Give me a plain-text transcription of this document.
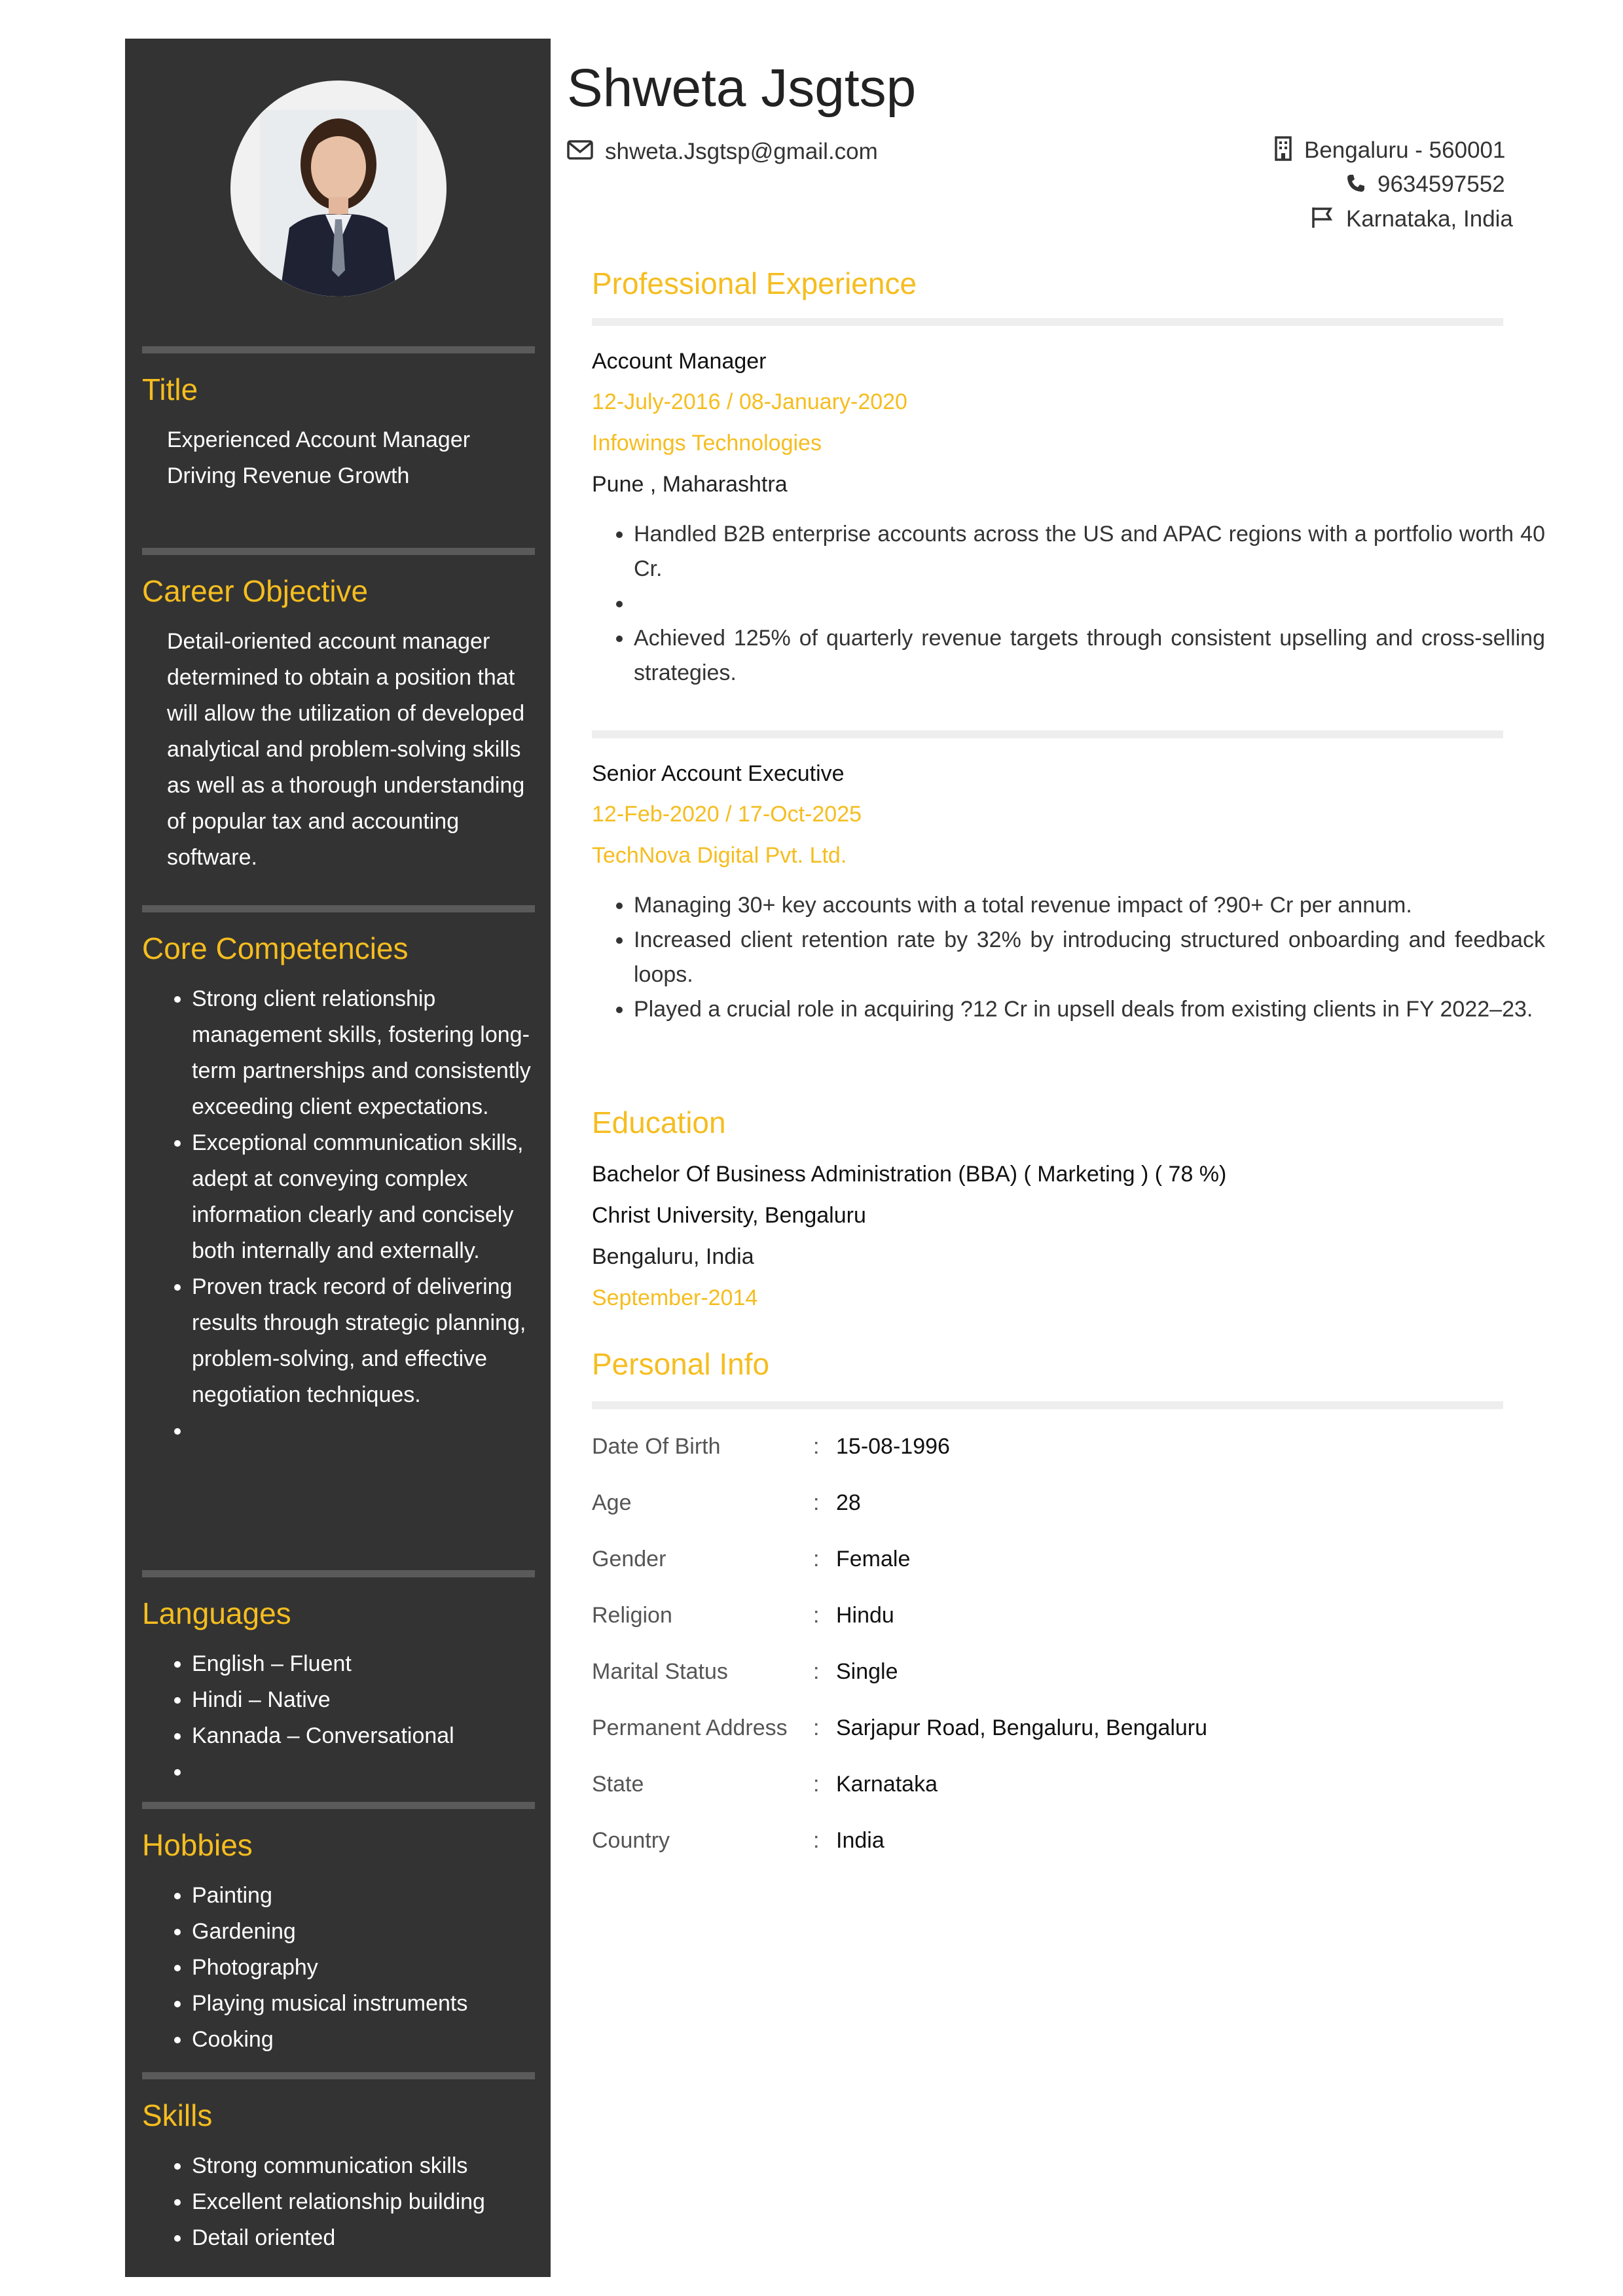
Title
Experienced Account Manager Driving Revenue Growth
Career Objective
Detail-oriented account manager determined to obtain a position that will allow the utilization of developed analytical and problem-solving skills as well as a thorough understanding of popular tax and accounting software.
Core Competencies
• Strong client relationship management skills, fostering long-term partnerships and consistently exceeding client expectations.
• Exceptional communication skills, adept at conveying complex information clearly and concisely both internally and externally.
• Proven track record of delivering results through strategic planning, problem-solving, and effective negotiation techniques.
•
Languages
• English – Fluent
• Hindi – Native
• Kannada – Conversational
•
Hobbies
• Painting
• Gardening
• Photography
• Playing musical instruments
• Cooking
Skills
• Strong communication skills
• Excellent relationship building
• Detail oriented
Shweta Jsgtsp
shweta.Jsgtsp@gmail.com	Bengaluru - 560001
9634597552
Karnataka, India
Professional Experience
Account Manager
12-July-2016 / 08-January-2020
Infowings Technologies
Pune , Maharashtra
• Handled B2B enterprise accounts across the US and APAC regions with a portfolio worth 40 Cr.
•
• Achieved 125% of quarterly revenue targets through consistent upselling and cross-selling strategies.
Senior Account Executive
12-Feb-2020 / 17-Oct-2025
TechNova Digital Pvt. Ltd.
• Managing 30+ key accounts with a total revenue impact of ?90+ Cr per annum.
• Increased client retention rate by 32% by introducing structured onboarding and feedback loops.
• Played a crucial role in acquiring ?12 Cr in upsell deals from existing clients in FY 2022–23.
Education
Bachelor Of Business Administration (BBA) ( Marketing ) ( 78 %)
Christ University, Bengaluru
Bengaluru, India
September-2014
Personal Info
Date Of Birth	: 15-08-1996
Age	: 28
Gender	: Female
Religion	: Hindu
Marital Status	: Single
Permanent Address : Sarjapur Road, Bengaluru, Bengaluru
State	: Karnataka
Country	: India
